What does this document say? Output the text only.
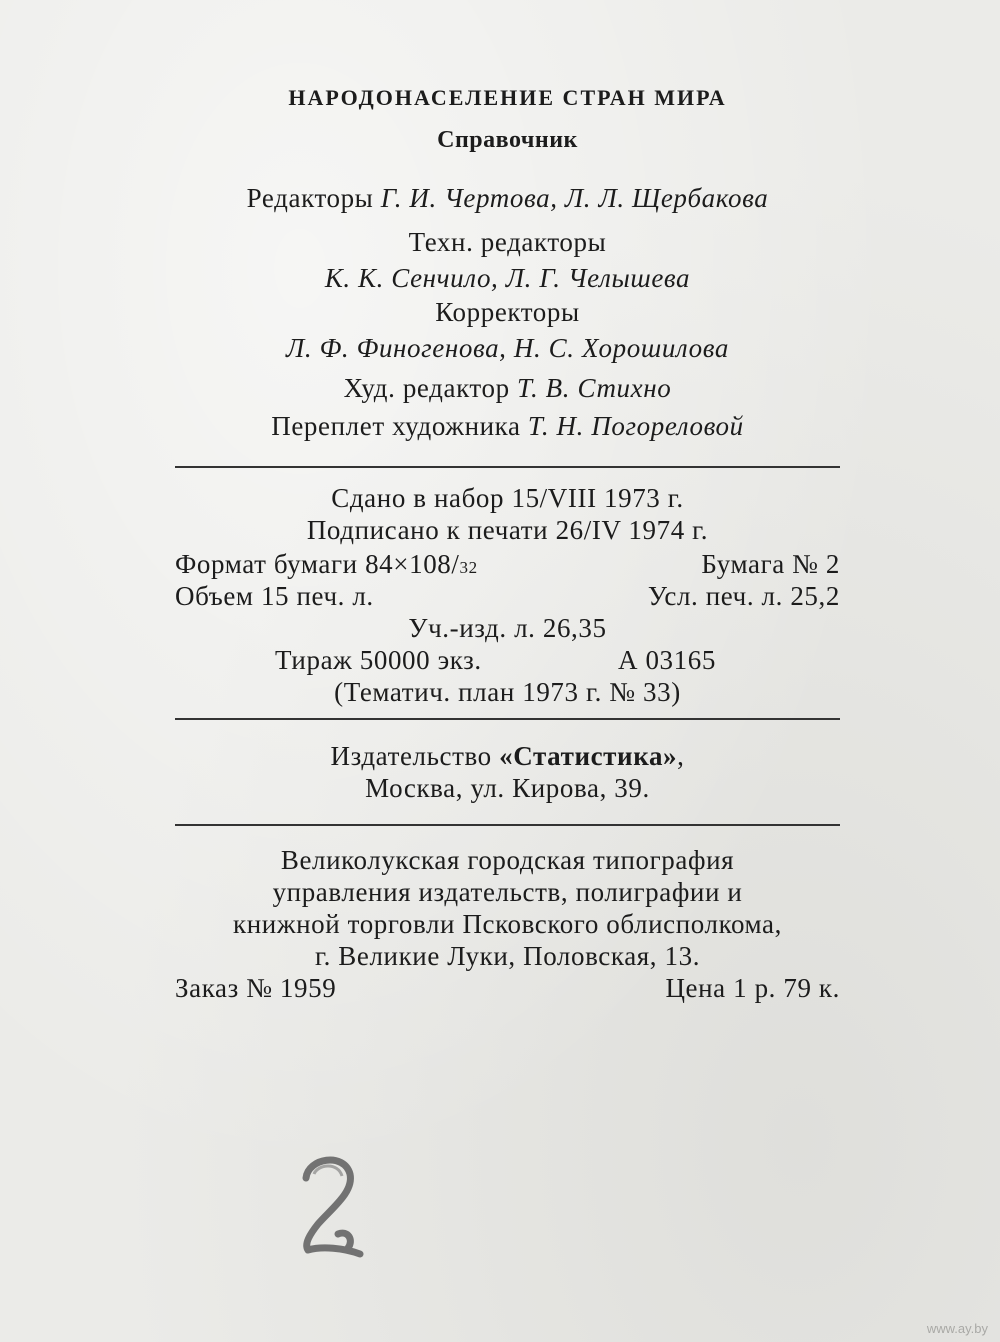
НАРОДОНАСЕЛЕНИЕ СТРАН МИРА
Справочник
Редакторы Г. И. Чертова, Л. Л. Щербакова
Техн. редакторы
К. К. Сенчило, Л. Г. Челышева
Корректоры
Л. Ф. Финогенова, Н. С. Хорошилова
Худ. редактор Т. В. Стихно
Переплет художника Т. Н. Погореловой
Сдано в набор 15/VIII 1973 г.
Подписано к печати 26/IV 1974 г.
Формат бумаги 84×108/32	Бумага № 2
Объем 15 печ. л.	Усл. печ. л. 25,2
Уч.-изд. л. 26,35
Тираж 50000 экз.	А 03165
(Тематич. план 1973 г. № 33)
Издательство «Статистика»,
Москва, ул. Кирова, 39.
Великолукская городская типография
управления издательств, полиграфии и
книжной торговли Псковского облисполкома,
г. Великие Луки, Половская, 13.
Заказ № 1959	Цена 1 р. 79 к.
www.ay.by
